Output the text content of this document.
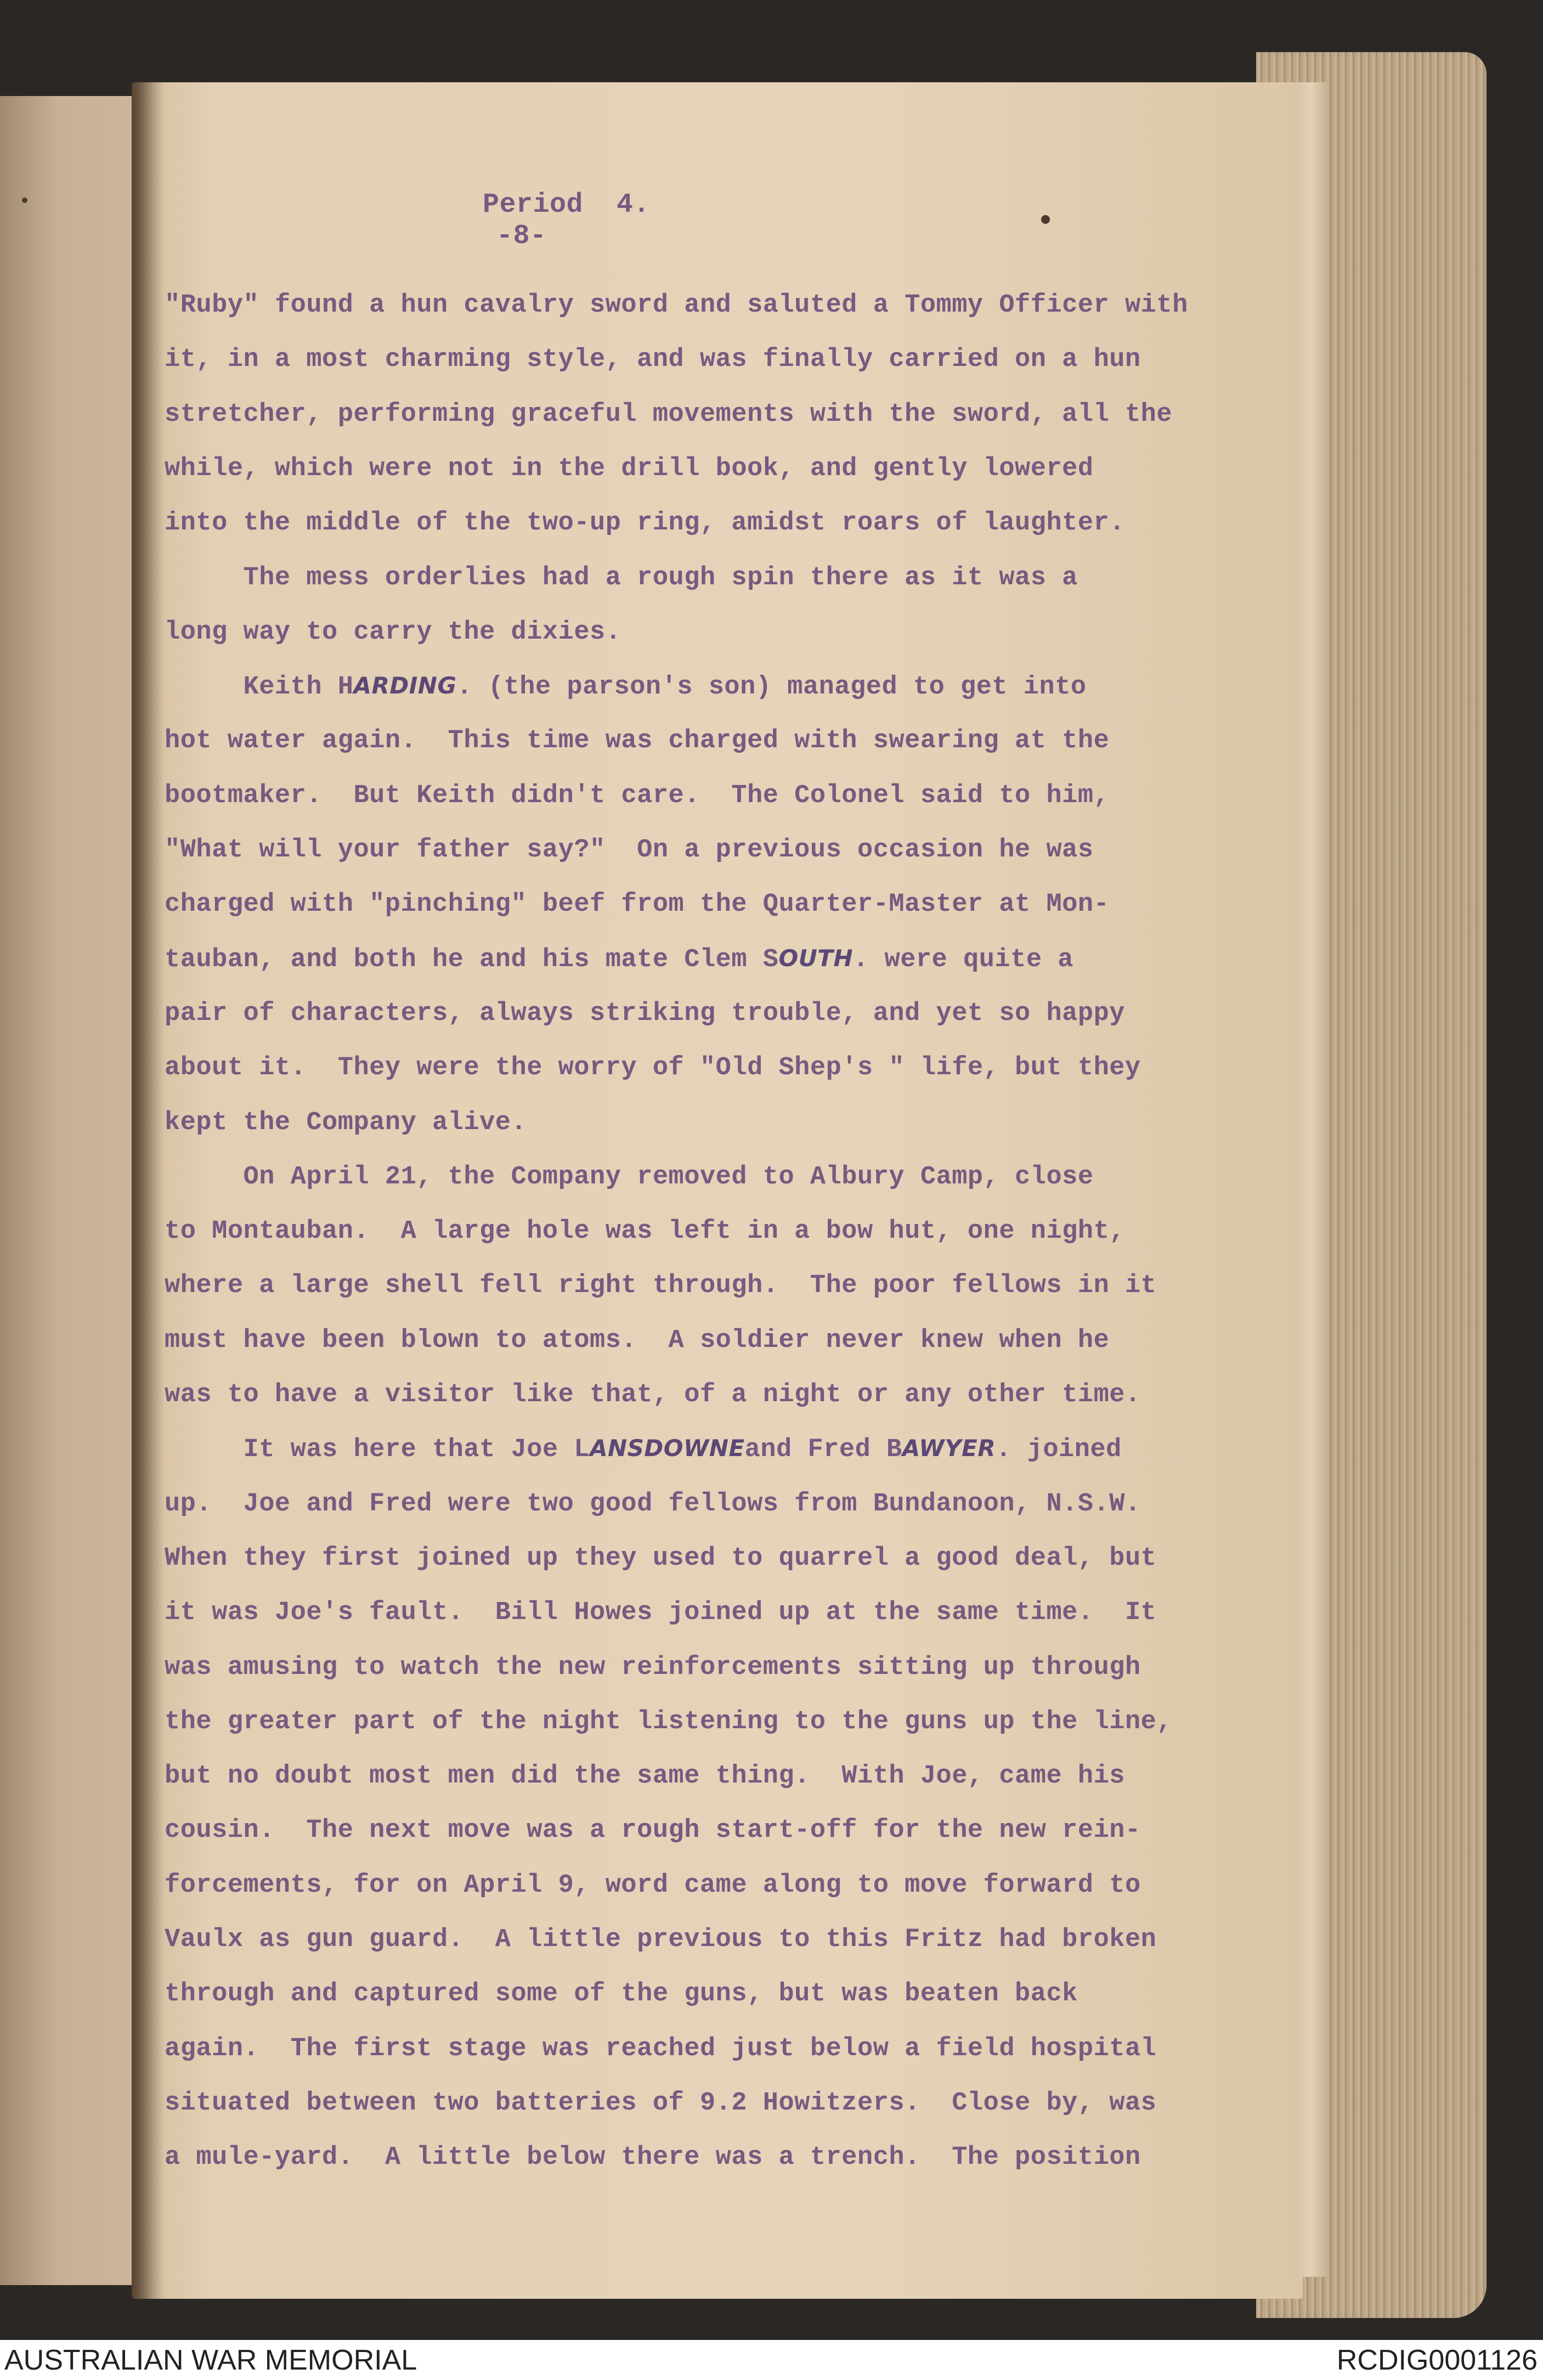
Period  4.
-8-
"Ruby" found a hun cavalry sword and saluted a Tommy Officer with
it, in a most charming style, and was finally carried on a hun
stretcher, performing graceful movements with the sword, all the
while, which were not in the drill book, and gently lowered
into the middle of the two-up ring, amidst roars of laughter.
The mess orderlies had a rough spin there as it was a
long way to carry the dixies.
Keith HARDING. (the parson's son) managed to get into
hot water again.  This time was charged with swearing at the
bootmaker.  But Keith didn't care.  The Colonel said to him,
"What will your father say?"  On a previous occasion he was
charged with "pinching" beef from the Quarter-Master at Mon-
tauban, and both he and his mate Clem SOUTH. were quite a
pair of characters, always striking trouble, and yet so happy
about it.  They were the worry of "Old Shep's " life, but they
kept the Company alive.
On April 21, the Company removed to Albury Camp, close
to Montauban.  A large hole was left in a bow hut, one night,
where a large shell fell right through.  The poor fellows in it
must have been blown to atoms.  A soldier never knew when he
was to have a visitor like that, of a night or any other time.
It was here that Joe LANSDOWNEand Fred BAWYER. joined
up.  Joe and Fred were two good fellows from Bundanoon, N.S.W.
When they first joined up they used to quarrel a good deal, but
it was Joe's fault.  Bill Howes joined up at the same time.  It
was amusing to watch the new reinforcements sitting up through
the greater part of the night listening to the guns up the line,
but no doubt most men did the same thing.  With Joe, came his
cousin.  The next move was a rough start-off for the new rein-
forcements, for on April 9, word came along to move forward to
Vaulx as gun guard.  A little previous to this Fritz had broken
through and captured some of the guns, but was beaten back
again.  The first stage was reached just below a field hospital
situated between two batteries of 9.2 Howitzers.  Close by, was
a mule-yard.  A little below there was a trench.  The position
AUSTRALIAN WAR MEMORIAL	RCDIG0001126
